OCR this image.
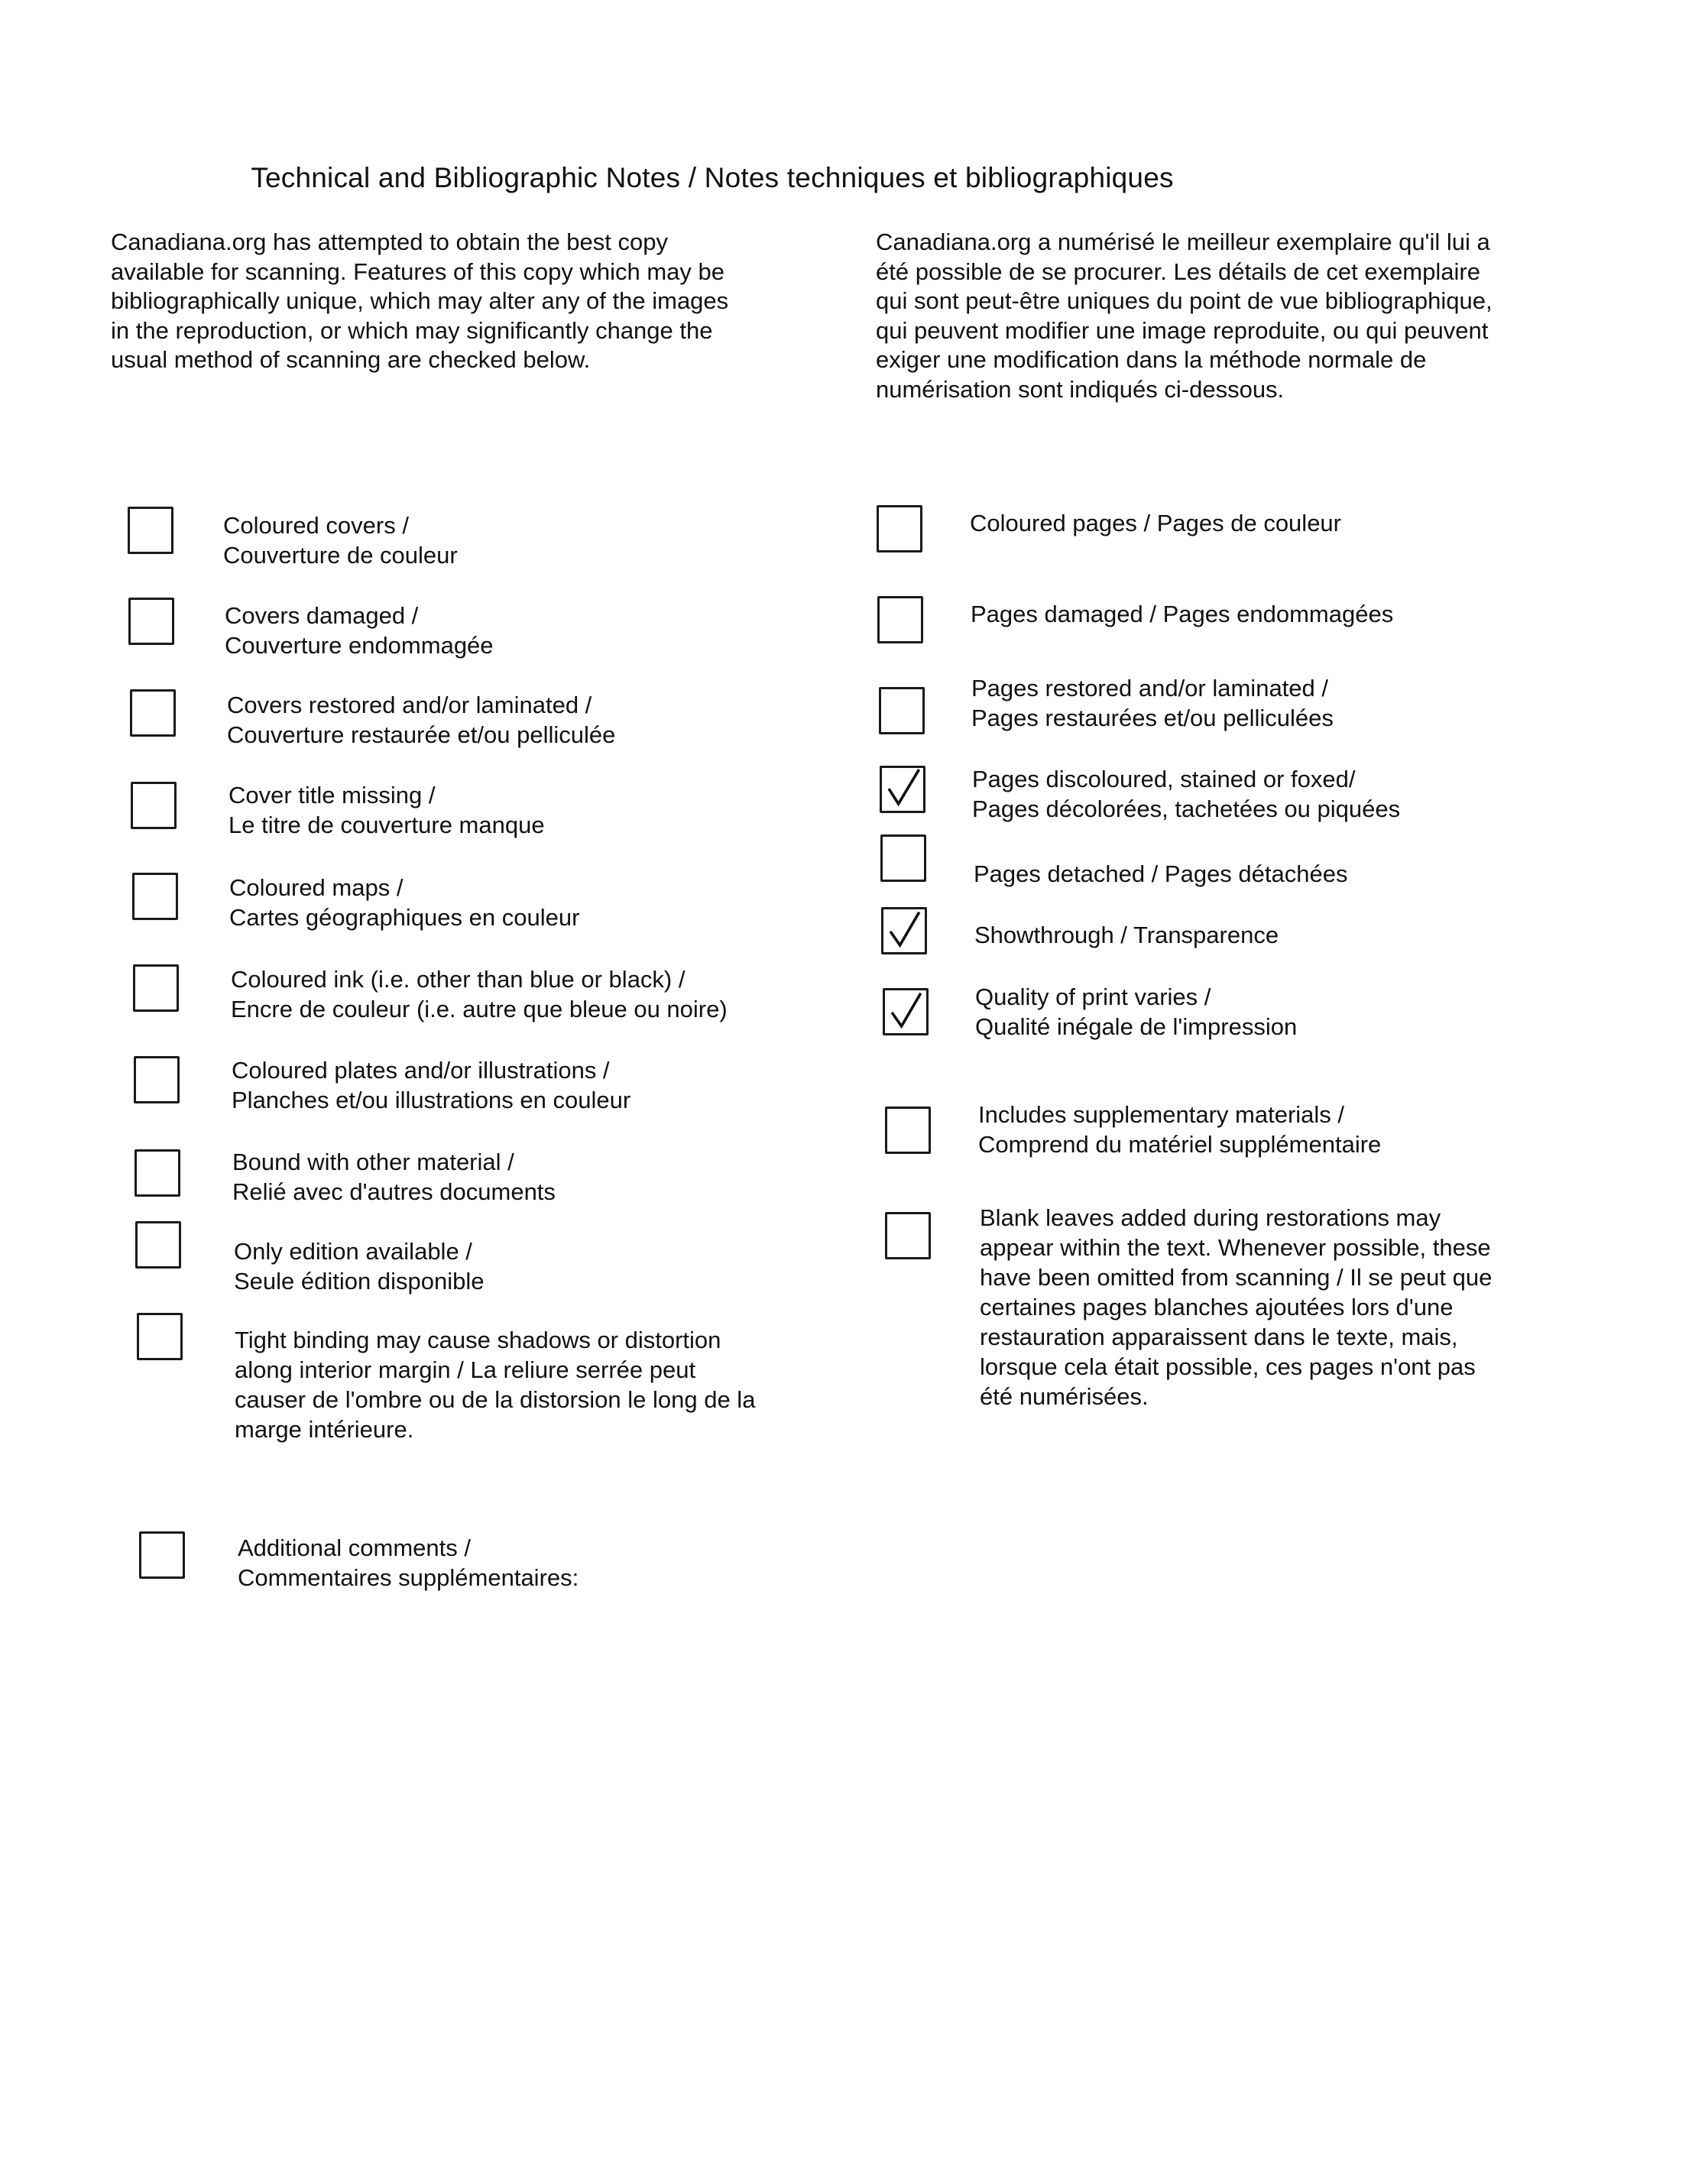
Technical and Bibliographic Notes / Notes techniques et bibliographiques
Canadiana.org has attempted to obtain the best copy
available for scanning. Features of this copy which may be
bibliographically unique, which may alter any of the images
in the reproduction, or which may significantly change the
usual method of scanning are checked below.
Canadiana.org a numérisé le meilleur exemplaire qu'il lui a
été possible de se procurer. Les détails de cet exemplaire
qui sont peut-être uniques du point de vue bibliographique,
qui peuvent modifier une image reproduite, ou qui peuvent
exiger une modification dans la méthode normale de
numérisation sont indiqués ci-dessous.
Coloured covers /
Couverture de couleur
Covers damaged /
Couverture endommagée
Covers restored and/or laminated /
Couverture restaurée et/ou pelliculée
Cover title missing /
Le titre de couverture manque
Coloured maps /
Cartes géographiques en couleur
Coloured ink (i.e. other than blue or black) /
Encre de couleur (i.e. autre que bleue ou noire)
Coloured plates and/or illustrations /
Planches et/ou illustrations en couleur
Bound with other material /
Relié avec d'autres documents
Only edition available /
Seule édition disponible
Tight binding may cause shadows or distortion
along interior margin / La reliure serrée peut
causer de l'ombre ou de la distorsion le long de la
marge intérieure.
Additional comments /
Commentaires supplémentaires:
Coloured pages / Pages de couleur
Pages damaged / Pages endommagées
Pages restored and/or laminated /
Pages restaurées et/ou pelliculées
Pages discoloured, stained or foxed/
Pages décolorées, tachetées ou piquées
Pages detached / Pages détachées
Showthrough / Transparence
Quality of print varies /
Qualité inégale de l'impression
Includes supplementary materials /
Comprend du matériel supplémentaire
Blank leaves added during restorations may
appear within the text. Whenever possible, these
have been omitted from scanning / Il se peut que
certaines pages blanches ajoutées lors d'une
restauration apparaissent dans le texte, mais,
lorsque cela était possible, ces pages n'ont pas
été numérisées.
